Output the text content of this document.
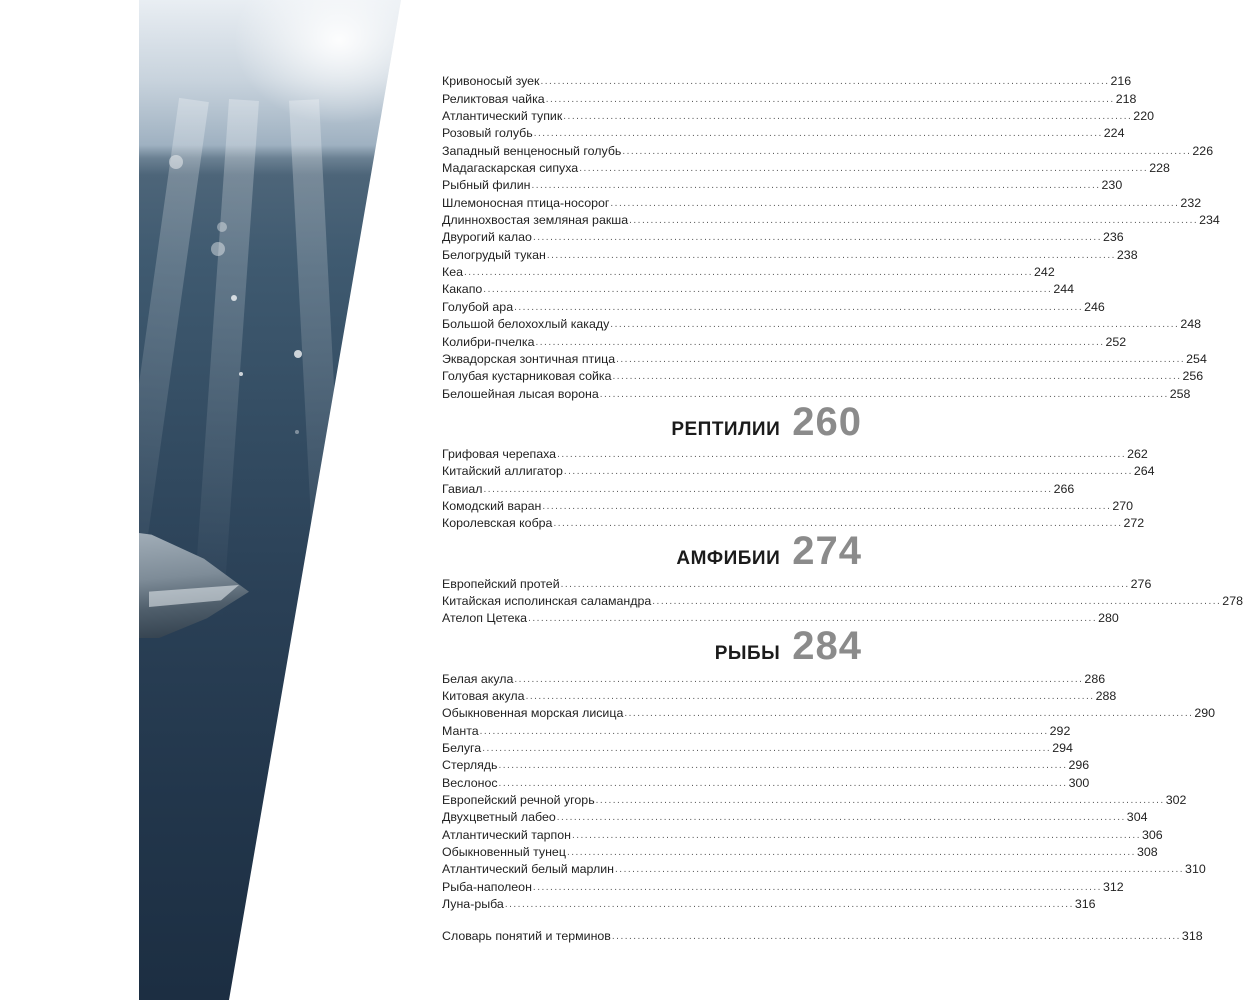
Кривоносый зуек ..................................................................................................................................... 216
Реликтовая чайка ..................................................................................................................................... 218
Атлантический тупик ..................................................................................................................................... 220
Розовый голубь ..................................................................................................................................... 224
Западный венценосный голубь ..................................................................................................................................... 226
Мадагаскарская сипуха ..................................................................................................................................... 228
Рыбный филин ..................................................................................................................................... 230
Шлемоносная птица-носорог ..................................................................................................................................... 232
Длиннохвостая земляная ракша ..................................................................................................................................... 234
Двурогий калао ..................................................................................................................................... 236
Белогрудый тукан ..................................................................................................................................... 238
Кеа ..................................................................................................................................... 242
Какапо ..................................................................................................................................... 244
Голубой ара ..................................................................................................................................... 246
Большой белохохлый какаду ..................................................................................................................................... 248
Колибри-пчелка ..................................................................................................................................... 252
Эквадорская зонтичная птица ..................................................................................................................................... 254
Голубая кустарниковая сойка ..................................................................................................................................... 256
Белошейная лысая ворона ..................................................................................................................................... 258
РЕПТИЛИИ 260
Грифовая черепаха ..................................................................................................................................... 262
Китайский аллигатор ..................................................................................................................................... 264
Гавиал ..................................................................................................................................... 266
Комодский варан ..................................................................................................................................... 270
Королевская кобра ..................................................................................................................................... 272
АМФИБИИ 274
Европейский протей ..................................................................................................................................... 276
Китайская исполинская саламандра ..................................................................................................................................... 278
Ателоп Цетека ..................................................................................................................................... 280
РЫБЫ 284
Белая акула ..................................................................................................................................... 286
Китовая акула ..................................................................................................................................... 288
Обыкновенная морская лисица ..................................................................................................................................... 290
Манта ..................................................................................................................................... 292
Белуга ..................................................................................................................................... 294
Стерлядь ..................................................................................................................................... 296
Веслонос ..................................................................................................................................... 300
Европейский речной угорь ..................................................................................................................................... 302
Двухцветный лабео ..................................................................................................................................... 304
Атлантический тарпон ..................................................................................................................................... 306
Обыкновенный тунец ..................................................................................................................................... 308
Атлантический белый марлин ..................................................................................................................................... 310
Рыба-наполеон ..................................................................................................................................... 312
Луна-рыба ..................................................................................................................................... 316
Словарь понятий и терминов ..................................................................................................................................... 318
